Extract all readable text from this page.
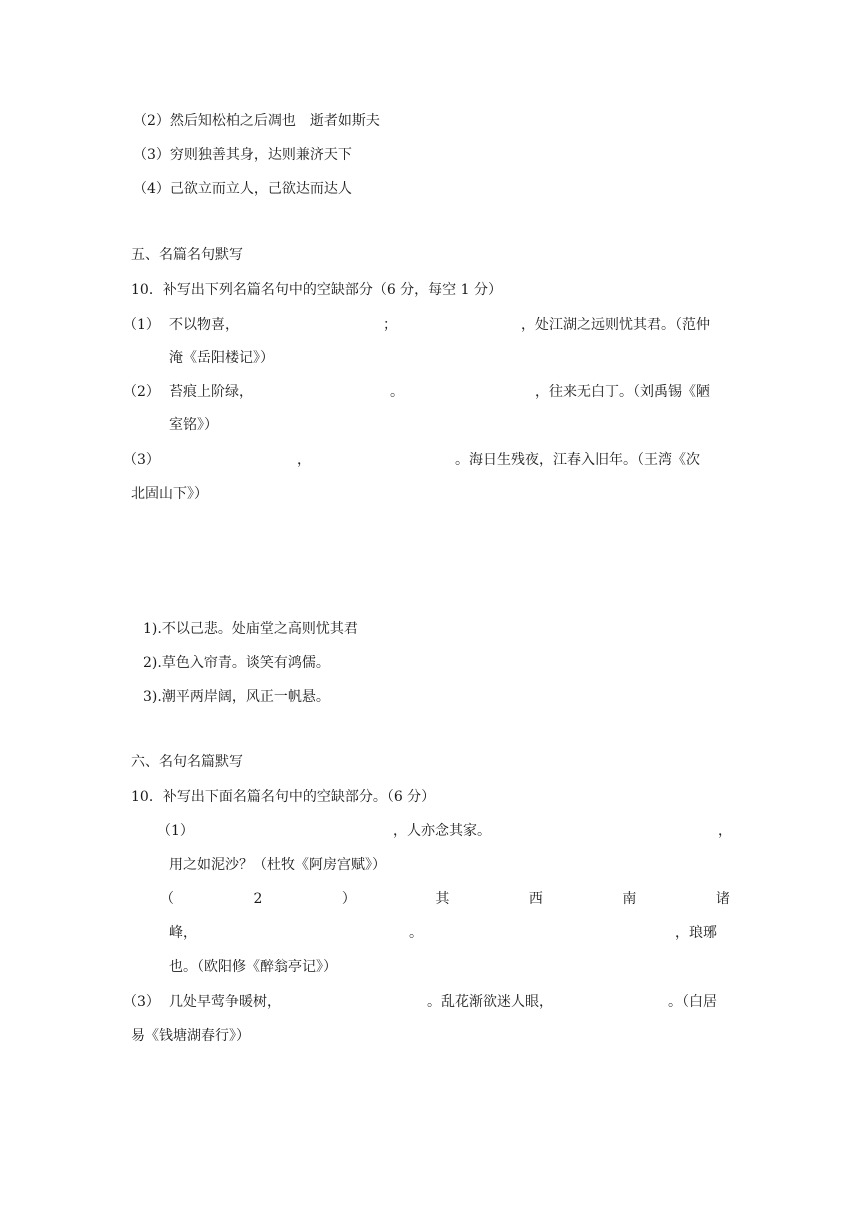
（2）然后知松柏之后凋也　逝者如斯夫
（3）穷则独善其身，达则兼济天下
（4）己欲立而立人，己欲达而达人
五、名篇名句默写
10．补写出下列名篇名句中的空缺部分（6 分，每空 1 分）
（1） 不以物喜，	；	，处江湖之远则忧其君。（范仲
淹《岳阳楼记》）
（2） 苔痕上阶绿，	。	，往来无白丁。（刘禹锡《陋
室铭》）
（3）	，	。海日生残夜，江春入旧年。（王湾《次
北固山下》）
1).不以己悲。处庙堂之高则忧其君
2).草色入帘青。谈笑有鸿儒。
3).潮平两岸阔，风正一帆悬。
六、名句名篇默写
10．补写出下面名篇名句中的空缺部分。（6 分）
（1）	，人亦念其家。	，
用之如泥沙？（杜牧《阿房宫赋》）
（	2	）	其	西	南	诸
峰，	。	，琅琊
也。（欧阳修《醉翁亭记》）
（3） 几处早莺争暖树，	。乱花渐欲迷人眼，	。（白居
易《钱塘湖春行》）
